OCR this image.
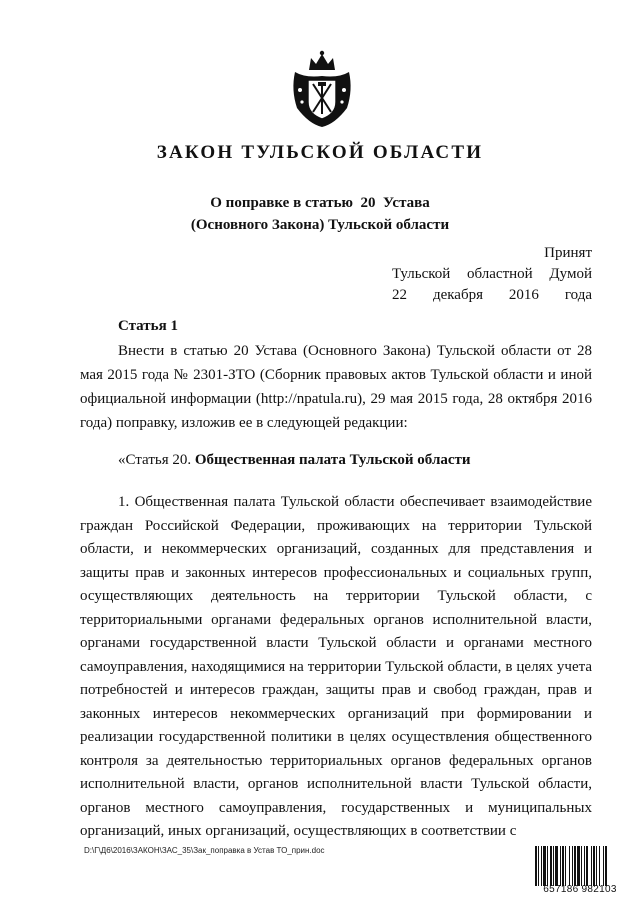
ЗАКОН ТУЛЬСКОЙ ОБЛАСТИ
О поправке в статью  20  Устава
(Основного Закона) Тульской области
Принят
Тульской областной Думой
22 декабря 2016 года
Статья 1
Внести в статью 20 Устава (Основного Закона) Тульской области от 28 мая 2015 года № 2301-ЗТО (Сборник правовых актов Тульской области и иной официальной информации (http://npatula.ru), 29 мая 2015 года, 28 октября 2016 года) поправку, изложив ее в следующей редакции:
«Статья 20. Общественная палата Тульской области
1. Общественная палата Тульской области обеспечивает взаимодействие граждан Российской Федерации, проживающих на территории Тульской области, и некоммерческих организаций, созданных для представления и защиты прав и законных интересов профессиональных и социальных групп, осуществляющих деятельность на территории Тульской области, с территориальными органами федеральных органов исполнительной власти, органами государственной власти Тульской области и органами местного самоуправления, находящимися на территории Тульской области, в целях учета потребностей и интересов граждан, защиты прав и свобод граждан, прав и законных интересов некоммерческих организаций при формировании и реализации государственной политики в целях осуществления общественного контроля за деятельностью территориальных органов федеральных органов исполнительной власти, органов исполнительной власти Тульской области, органов местного самоуправления, государственных и муниципальных организаций, иных организаций, осуществляющих в соответствии с
D:\Г\Д6\2016\ЗАКОН\ЗАС_35\Зак_поправка в Устав ТО_прин.doc
657186 982103
